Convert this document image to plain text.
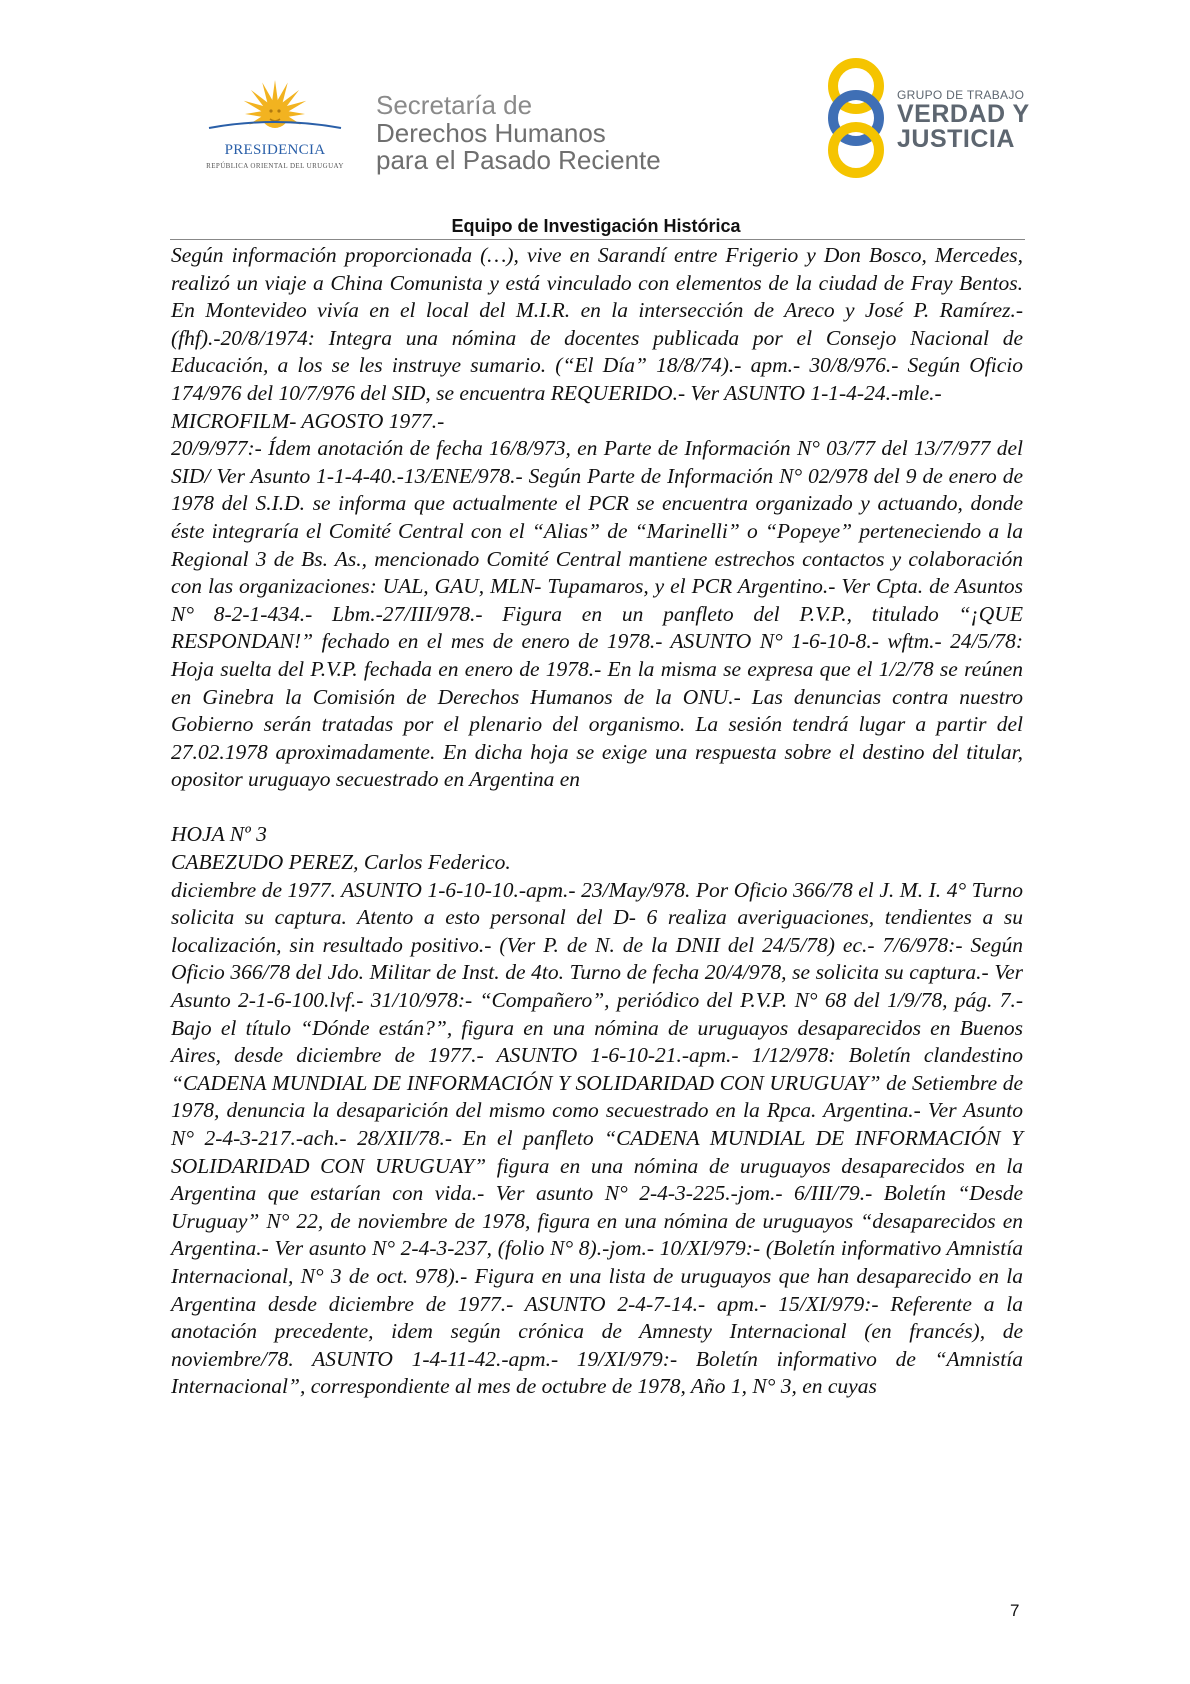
PRESIDENCIA
REPÚBLICA ORIENTAL DEL URUGUAY
Secretaría de
Derechos Humanos
para el Pasado Reciente
GRUPO DE TRABAJO
VERDAD Y
JUSTICIA
Equipo de Investigación Histórica

Según información proporcionada (…), vive en Sarandí entre Frigerio y Don Bosco, Mercedes, realizó un viaje a China Comunista y está vinculado con elementos de la ciudad de Fray Bentos. En Montevideo vivía en el local del M.I.R. en la intersección de Areco y José P. Ramírez.- (fhf).-20/8/1974: Integra una nómina de docentes publicada por el Consejo Nacional de Educación, a los se les instruye sumario. (“El Día” 18/8/74).- apm.- 30/8/976.- Según Oficio 174/976 del 10/7/976 del SID, se encuentra REQUERIDO.- Ver ASUNTO 1-1-4-24.-mle.-

MICROFILM- AGOSTO 1977.-

20/9/977:- Ídem anotación de fecha 16/8/973, en Parte de Información N° 03/77 del 13/7/977 del SID/ Ver Asunto 1-1-4-40.-13/ENE/978.- Según Parte de Información N° 02/978 del 9 de enero de 1978 del S.I.D. se informa que actualmente el PCR se encuentra organizado y actuando, donde éste integraría el Comité Central con el “Alias” de “Marinelli” o “Popeye” perteneciendo a la Regional 3 de Bs. As., mencionado Comité Central mantiene estrechos contactos y colaboración con las organizaciones: UAL, GAU, MLN- Tupamaros, y el PCR Argentino.- Ver Cpta. de Asuntos N° 8-2-1-434.- Lbm.-27/III/978.- Figura en un panfleto del P.V.P., titulado “¡QUE RESPONDAN!” fechado en el mes de enero de 1978.- ASUNTO N° 1-6-10-8.- wftm.- 24/5/78: Hoja suelta del P.V.P. fechada en enero de 1978.- En la misma se expresa que el 1/2/78 se reúnen en Ginebra la Comisión de Derechos Humanos de la ONU.- Las denuncias contra nuestro Gobierno serán tratadas por el plenario del organismo. La sesión tendrá lugar a partir del 27.02.1978 aproximadamente. En dicha hoja se exige una respuesta sobre el destino del titular, opositor uruguayo secuestrado en Argentina en

HOJA Nº 3

CABEZUDO PEREZ, Carlos Federico.

diciembre de 1977. ASUNTO 1-6-10-10.-apm.- 23/May/978. Por Oficio 366/78 el J. M. I. 4° Turno solicita su captura. Atento a esto personal del D- 6 realiza averiguaciones, tendientes a su localización, sin resultado positivo.- (Ver P. de N. de la DNII del 24/5/78) ec.- 7/6/978:- Según Oficio 366/78 del Jdo. Militar de Inst. de 4to. Turno de fecha 20/4/978, se solicita su captura.- Ver Asunto 2-1-6-100.lvf.- 31/10/978:- “Compañero”, periódico del P.V.P. N° 68 del 1/9/78, pág. 7.- Bajo el título “Dónde están?”, figura en una nómina de uruguayos desaparecidos en Buenos Aires, desde diciembre de 1977.- ASUNTO 1-6-10-21.-apm.- 1/12/978: Boletín clandestino “CADENA MUNDIAL DE INFORMACIÓN Y SOLIDARIDAD CON URUGUAY” de Setiembre de 1978, denuncia la desaparición del mismo como secuestrado en la Rpca. Argentina.- Ver Asunto N° 2-4-3-217.-ach.- 28/XII/78.- En el panfleto “CADENA MUNDIAL DE INFORMACIÓN Y SOLIDARIDAD CON URUGUAY” figura en una nómina de uruguayos desaparecidos en la Argentina que estarían con vida.- Ver asunto N° 2-4-3-225.-jom.- 6/III/79.- Boletín “Desde Uruguay” N° 22, de noviembre de 1978, figura en una nómina de uruguayos “desaparecidos en Argentina.- Ver asunto N° 2-4-3-237, (folio N° 8).-jom.- 10/XI/979:- (Boletín informativo Amnistía Internacional, N° 3 de oct. 978).- Figura en una lista de uruguayos que han desaparecido en la Argentina desde diciembre de 1977.- ASUNTO 2-4-7-14.- apm.- 15/XI/979:- Referente a la anotación precedente, idem según crónica de Amnesty Internacional (en francés), de noviembre/78. ASUNTO 1-4-11-42.-apm.- 19/XI/979:- Boletín informativo de “Amnistía Internacional”, correspondiente al mes de octubre de 1978, Año 1, N° 3, en cuyas

7
